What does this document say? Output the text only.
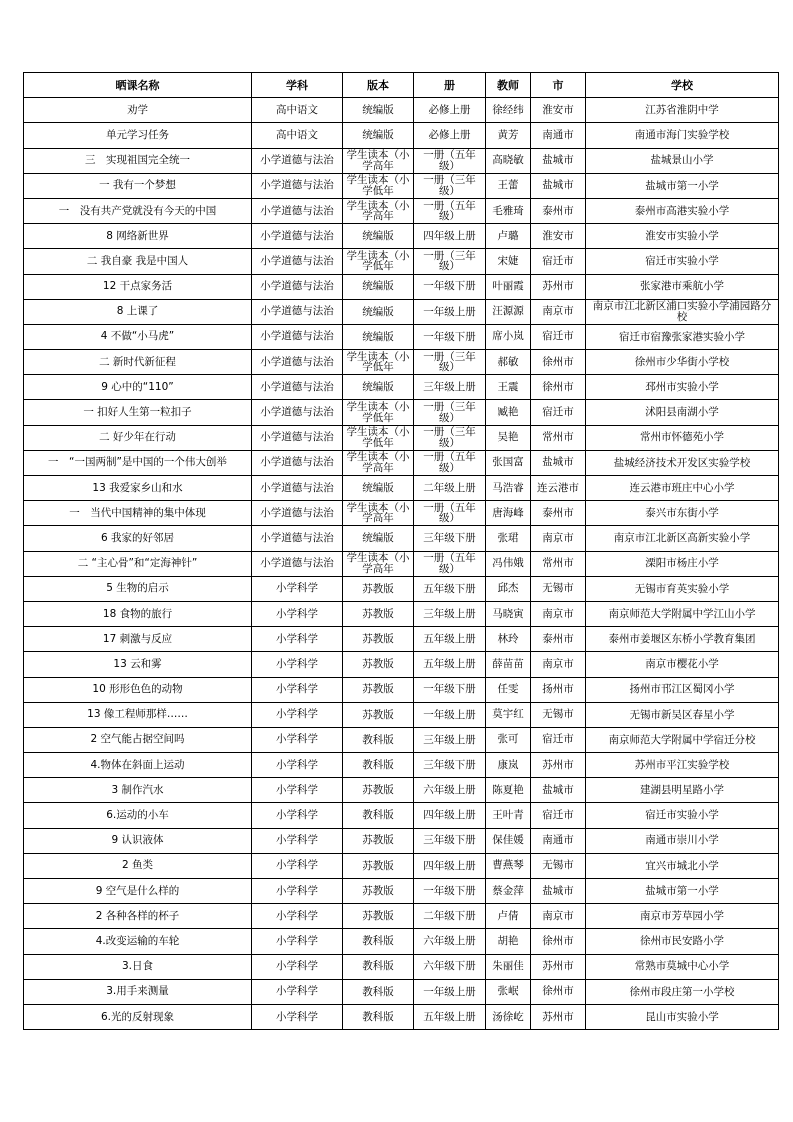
晒课名称	学科	版本	册	教师	市	学校
劝学	高中语文	统编版	必修上册	徐经纬	淮安市	江苏省淮阴中学
单元学习任务	高中语文	统编版	必修上册	黄芳	南通市	南通市海门实验学校
三　实现祖国完全统一	小学道德与法治	学生读本（小学高年	一册（五年级）	高晓敏	盐城市	盐城景山小学
一 我有一个梦想	小学道德与法治	学生读本（小学低年	一册（三年级）	王蕾	盐城市	盐城市第一小学
一　没有共产党就没有今天的中国	小学道德与法治	学生读本（小学高年	一册（五年级）	毛雅琦	泰州市	泰州市高港实验小学
8 网络新世界	小学道德与法治	统编版	四年级上册	卢璐	淮安市	淮安市实验小学
二 我自豪 我是中国人	小学道德与法治	学生读本（小学低年	一册（三年级）	宋婕	宿迁市	宿迁市实验小学
12 干点家务活	小学道德与法治	统编版	一年级下册	叶丽霞	苏州市	张家港市乘航小学
8 上课了	小学道德与法治	统编版	一年级上册	汪源源	南京市	南京市江北新区浦口实验小学浦园路分校
4 不做“小马虎”	小学道德与法治	统编版	一年级下册	席小岚	宿迁市	宿迁市宿豫张家港实验小学
二 新时代新征程	小学道德与法治	学生读本（小学低年	一册（三年级）	郝敏	徐州市	徐州市少华街小学校
9 心中的“110”	小学道德与法治	统编版	三年级上册	王震	徐州市	邳州市实验小学
一 扣好人生第一粒扣子	小学道德与法治	学生读本（小学低年	一册（三年级）	臧艳	宿迁市	沭阳县南湖小学
二 好少年在行动	小学道德与法治	学生读本（小学低年	一册（三年级）	吴艳	常州市	常州市怀德苑小学
一　“一国两制”是中国的一个伟大创举	小学道德与法治	学生读本（小学高年	一册（五年级）	张国富	盐城市	盐城经济技术开发区实验学校
13 我爱家乡山和水	小学道德与法治	统编版	二年级上册	马浩睿	连云港市	连云港市班庄中心小学
一　当代中国精神的集中体现	小学道德与法治	学生读本（小学高年	一册（五年级）	唐海峰	泰州市	泰兴市东街小学
6 我家的好邻居	小学道德与法治	统编版	三年级下册	张珺	南京市	南京市江北新区高新实验小学
二 “主心骨”和“定海神针”	小学道德与法治	学生读本（小学高年	一册（五年级）	冯伟娥	常州市	溧阳市杨庄小学
5 生物的启示	小学科学	苏教版	五年级下册	邱杰	无锡市	无锡市育英实验小学
18 食物的旅行	小学科学	苏教版	三年级上册	马晓寅	南京市	南京师范大学附属中学江山小学
17 刺激与反应	小学科学	苏教版	五年级上册	林玲	泰州市	泰州市姜堰区东桥小学教育集团
13 云和雾	小学科学	苏教版	五年级上册	薛苗苗	南京市	南京市樱花小学
10 形形色色的动物	小学科学	苏教版	一年级下册	任雯	扬州市	扬州市邗江区蜀冈小学
13 像工程师那样……	小学科学	苏教版	一年级上册	莫宇红	无锡市	无锡市新吴区春星小学
2 空气能占据空间吗	小学科学	教科版	三年级上册	张可	宿迁市	南京师范大学附属中学宿迁分校
4.物体在斜面上运动	小学科学	教科版	三年级下册	康岚	苏州市	苏州市平江实验学校
3 制作汽水	小学科学	苏教版	六年级上册	陈夏艳	盐城市	建湖县明星路小学
6.运动的小车	小学科学	教科版	四年级上册	王叶青	宿迁市	宿迁市实验小学
9 认识液体	小学科学	苏教版	三年级下册	保佳媛	南通市	南通市崇川小学
2 鱼类	小学科学	苏教版	四年级上册	曹燕琴	无锡市	宜兴市城北小学
9 空气是什么样的	小学科学	苏教版	一年级下册	蔡金萍	盐城市	盐城市第一小学
2 各种各样的杯子	小学科学	苏教版	二年级下册	卢倩	南京市	南京市芳草园小学
4.改变运输的车轮	小学科学	教科版	六年级上册	胡艳	徐州市	徐州市民安路小学
3.日食	小学科学	教科版	六年级下册	朱丽佳	苏州市	常熟市莫城中心小学
3.用手来测量	小学科学	教科版	一年级上册	张岷	徐州市	徐州市段庄第一小学校
6.光的反射现象	小学科学	教科版	五年级上册	汤徐屹	苏州市	昆山市实验小学
